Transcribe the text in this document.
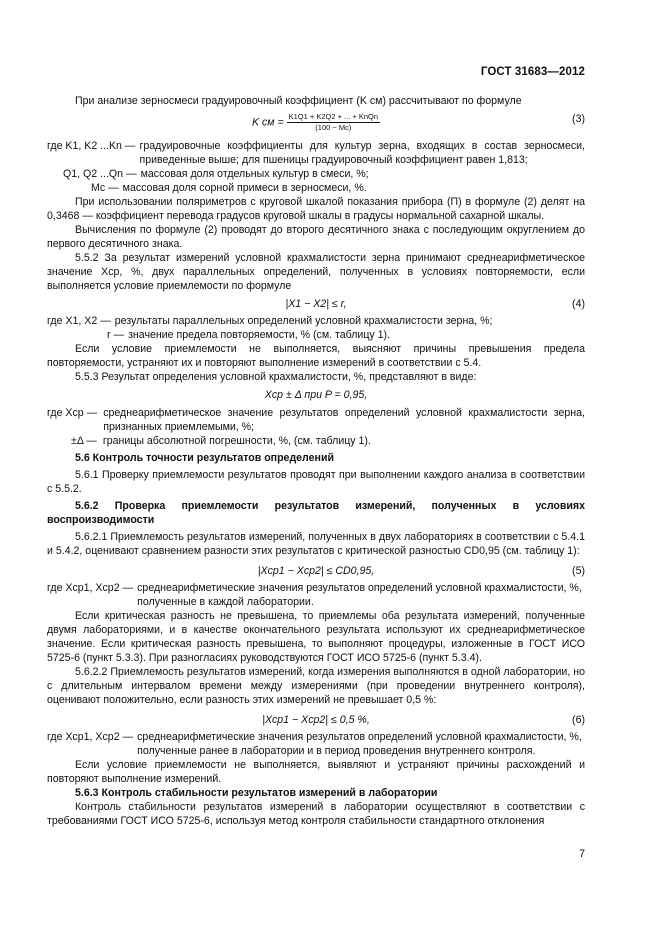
ГОСТ 31683—2012

При анализе зерносмеси градуировочный коэффициент (K см) рассчитывают по формуле

K см = $\frac{\text{K1Q1 + K2Q2 + ... + KnQn}}{(100 - Mc)}$	(3)
где K1, K2 ...Kn — градуировочные коэффициенты для культур зерна, входящих в состав зерносмеси, приведенные выше; для пшеницы градуировочный коэффициент равен 1,813;
Q1, Q2 ...Qn — массовая доля отдельных культур в смеси, %;
Mc — массовая доля сорной примеси в зерносмеси, %.

При использовании поляриметров с круговой шкалой показания прибора (П) в формуле (2) делят на 0,3468 — коэффициент перевода градусов круговой шкалы в градусы нормальной сахарной шкалы.

Вычисления по формуле (2) проводят до второго десятичного знака с последующим округлением до первого десятичного знака.

5.5.2 За результат измерений условной крахмалистости зерна принимают среднеарифметическое значение Xср, %, двух параллельных определений, полученных в условиях повторяемости, если выполняется условие приемлемости по формуле

|X1 − X2| ≤ r,	(4)
где X1, X2 — результаты параллельных определений условной крахмалистости зерна, %;
r — значение предела повторяемости, % (см. таблицу 1).

Если условие приемлемости не выполняется, выясняют причины превышения предела повторяемости, устраняют их и повторяют выполнение измерений в соответствии с 5.4.

5.5.3 Результат определения условной крахмалистости, %, представляют в виде:

Xср ± Δ при P = 0,95,
где Xср — среднеарифметическое значение результатов определений условной крахмалистости зерна, признанных приемлемыми, %;
±Δ — границы абсолютной погрешности, %, (см. таблицу 1).

5.6 Контроль точности результатов определений

5.6.1 Проверку приемлемости результатов проводят при выполнении каждого анализа в соответствии с 5.5.2.

5.6.2 Проверка приемлемости результатов измерений, полученных в условиях воспроизводимости

5.6.2.1 Приемлемость результатов измерений, полученных в двух лабораториях в соответствии с 5.4.1 и 5.4.2, оценивают сравнением разности этих результатов с критической разностью CD0,95 (см. таблицу 1):

|Xср1 − Xср2| ≤ CD0,95,	(5)
где Xср1, Xср2 — среднеарифметические значения результатов определений условной крахмалистости, %, полученные в каждой лаборатории.

Если критическая разность не превышена, то приемлемы оба результата измерений, полученные двумя лабораториями, и в качестве окончательного результата используют их среднеарифметическое значение. Если критическая разность превышена, то выполняют процедуры, изложенные в ГОСТ ИСО 5725-6 (пункт 5.3.3). При разногласиях руководствуются ГОСТ ИСО 5725-6 (пункт 5.3.4).

5.6.2.2 Приемлемость результатов измерений, когда измерения выполняются в одной лаборатории, но с длительным интервалом времени между измерениями (при проведении внутреннего контроля), оценивают положительно, если разность этих измерений не превышает 0,5 %:

|Xср1 − Xср2| ≤ 0,5 %,	(6)
где Xср1, Xср2 — среднеарифметические значения результатов определений условной крахмалистости, %, полученные ранее в лаборатории и в период проведения внутреннего контроля.

Если условие приемлемости не выполняется, выявляют и устраняют причины расхождений и повторяют выполнение измерений.

5.6.3 Контроль стабильности результатов измерений в лаборатории

Контроль стабильности результатов измерений в лаборатории осуществляют в соответствии с требованиями ГОСТ ИСО 5725-6, используя метод контроля стабильности стандартного отклонения

7
